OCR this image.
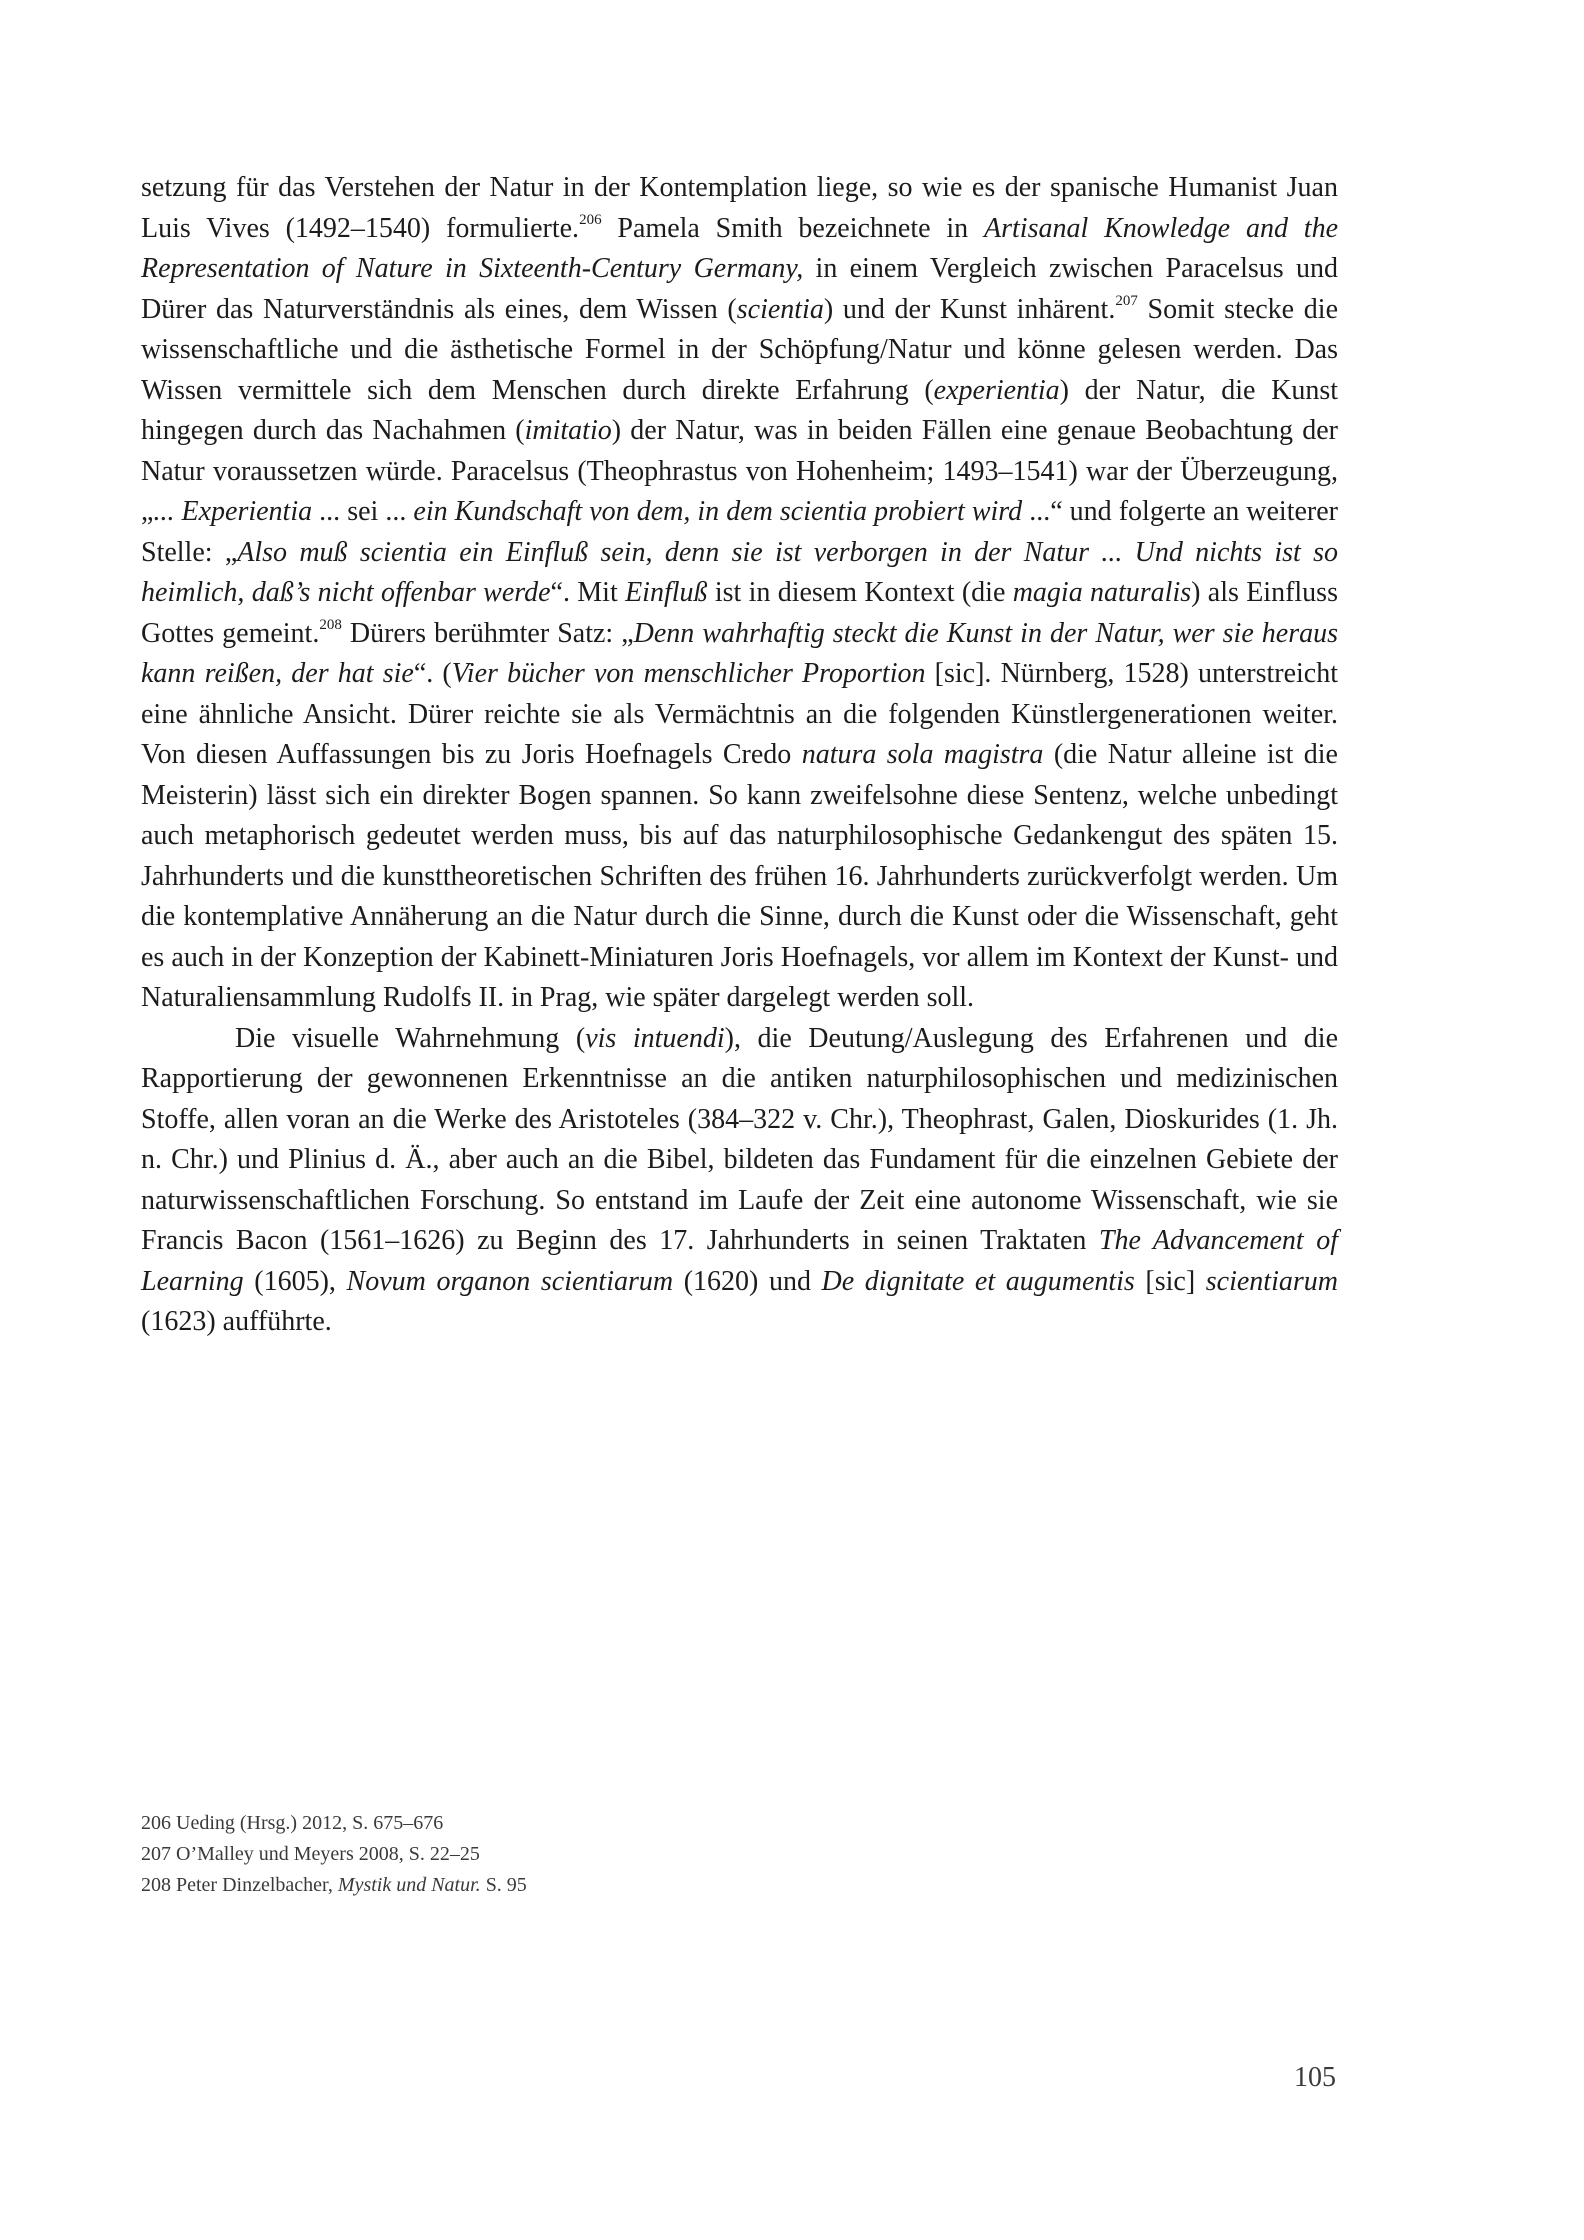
setzung für das Verstehen der Natur in der Kontemplation liege, so wie es der spanische Humanist Juan Luis Vives (1492–1540) formulierte.$^{206}$ Pamela Smith bezeichnete in Artisanal Knowledge and the Representation of Nature in Sixteenth-Century Germany, in einem Vergleich zwischen Paracelsus und Dürer das Naturverständnis als eines, dem Wissen (scientia) und der Kunst inhärent.$^{207}$ Somit stecke die wissenschaftliche und die ästhetische Formel in der Schöpfung/Natur und könne gelesen werden. Das Wissen vermittele sich dem Menschen durch direkte Erfahrung (experientia) der Natur, die Kunst hingegen durch das Nachahmen (imitatio) der Natur, was in beiden Fällen eine genaue Beobachtung der Natur voraussetzen würde. Paracelsus (Theophrastus von Hohenheim; 1493–1541) war der Überzeugung, „... Experientia ... sei ... ein Kundschaft von dem, in dem scientia probiert wird ...“ und folgerte an weiterer Stelle: „Also muß scientia ein Einfluß sein, denn sie ist verborgen in der Natur ... Und nichts ist so heimlich, daß’s nicht offenbar werde“. Mit Einfluß ist in diesem Kontext (die magia naturalis) als Einfluss Gottes gemeint.$^{208}$ Dürers berühmter Satz: „Denn wahrhaftig steckt die Kunst in der Natur, wer sie heraus kann reißen, der hat sie“. (Vier bücher von menschlicher Proportion [sic]. Nürnberg, 1528) unterstreicht eine ähnliche Ansicht. Dürer reichte sie als Vermächtnis an die folgenden Künstlergenerationen weiter. Von diesen Auffassungen bis zu Joris Hoefnagels Credo natura sola magistra (die Natur alleine ist die Meisterin) lässt sich ein direkter Bogen spannen. So kann zweifelsohne diese Sentenz, welche unbedingt auch metaphorisch gedeutet werden muss, bis auf das naturphilosophische Gedankengut des späten 15. Jahrhunderts und die kunsttheoretischen Schriften des frühen 16. Jahrhunderts zurückverfolgt werden. Um die kontemplative Annäherung an die Natur durch die Sinne, durch die Kunst oder die Wissenschaft, geht es auch in der Konzeption der Kabinett-Miniaturen Joris Hoefnagels, vor allem im Kontext der Kunst- und Naturaliensammlung Rudolfs II. in Prag, wie später dargelegt werden soll.

Die visuelle Wahrnehmung (vis intuendi), die Deutung/Auslegung des Erfahrenen und die Rapportierung der gewonnenen Erkenntnisse an die antiken naturphilosophischen und medizinischen Stoffe, allen voran an die Werke des Aristoteles (384–322 v. Chr.), Theophrast, Galen, Dioskurides (1. Jh. n. Chr.) und Plinius d. Ä., aber auch an die Bibel, bildeten das Fundament für die einzelnen Gebiete der naturwissenschaftlichen Forschung. So entstand im Laufe der Zeit eine autonome Wissenschaft, wie sie Francis Bacon (1561–1626) zu Beginn des 17. Jahrhunderts in seinen Traktaten The Advancement of Learning (1605), Novum organon scientiarum (1620) und De dignitate et augumentis [sic] scientiarum (1623) aufführte.

206 Ueding (Hrsg.) 2012, S. 675–676
207 O’Malley und Meyers 2008, S. 22–25
208 Peter Dinzelbacher, Mystik und Natur. S. 95
105
